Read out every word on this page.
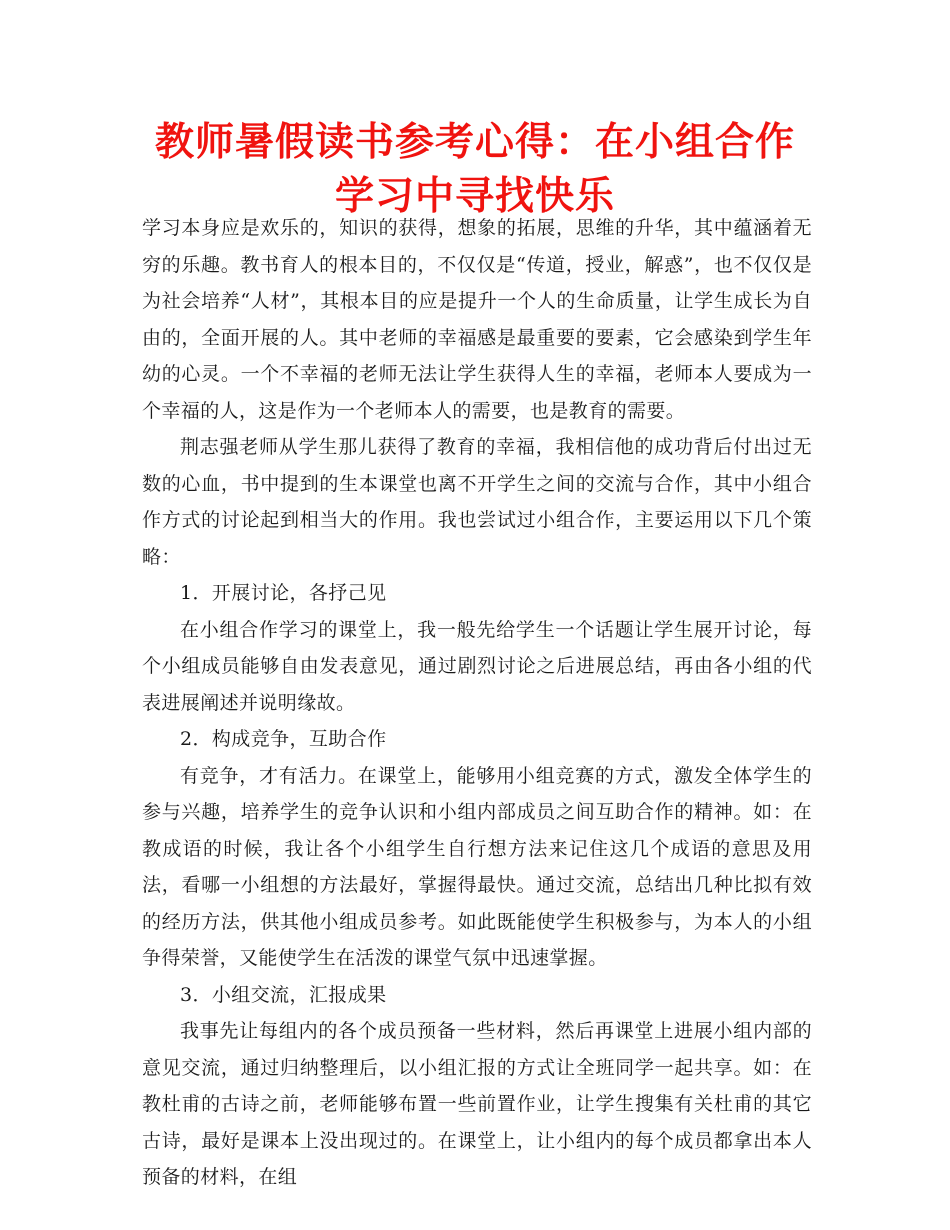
教师暑假读书参考心得：在小组合作学习中寻找快乐

学习本身应是欢乐的，知识的获得，想象的拓展，思维的升华，其中蕴涵着无穷的乐趣。教书育人的根本目的，不仅仅是“传道，授业，解惑”，也不仅仅是为社会培养“人材”，其根本目的应是提升一个人的生命质量，让学生成长为自由的，全面开展的人。其中老师的幸福感是最重要的要素，它会感染到学生年幼的心灵。一个不幸福的老师无法让学生获得人生的幸福，老师本人要成为一个幸福的人，这是作为一个老师本人的需要，也是教育的需要。

荆志强老师从学生那儿获得了教育的幸福，我相信他的成功背后付出过无数的心血，书中提到的生本课堂也离不开学生之间的交流与合作，其中小组合作方式的讨论起到相当大的作用。我也尝试过小组合作，主要运用以下几个策略：

1．开展讨论，各抒己见

在小组合作学习的课堂上，我一般先给学生一个话题让学生展开讨论，每个小组成员能够自由发表意见，通过剧烈讨论之后进展总结，再由各小组的代表进展阐述并说明缘故。

2．构成竞争，互助合作

有竞争，才有活力。在课堂上，能够用小组竞赛的方式，激发全体学生的参与兴趣，培养学生的竞争认识和小组内部成员之间互助合作的精神。如：在教成语的时候，我让各个小组学生自行想方法来记住这几个成语的意思及用法，看哪一小组想的方法最好，掌握得最快。通过交流，总结出几种比拟有效的经历方法，供其他小组成员参考。如此既能使学生积极参与，为本人的小组争得荣誉，又能使学生在活泼的课堂气氛中迅速掌握。

3．小组交流，汇报成果

我事先让每组内的各个成员预备一些材料，然后再课堂上进展小组内部的意见交流，通过归纳整理后，以小组汇报的方式让全班同学一起共享。如：在教杜甫的古诗之前，老师能够布置一些前置作业，让学生搜集有关杜甫的其它古诗，最好是课本上没出现过的。在课堂上，让小组内的每个成员都拿出本人预备的材料，在组
